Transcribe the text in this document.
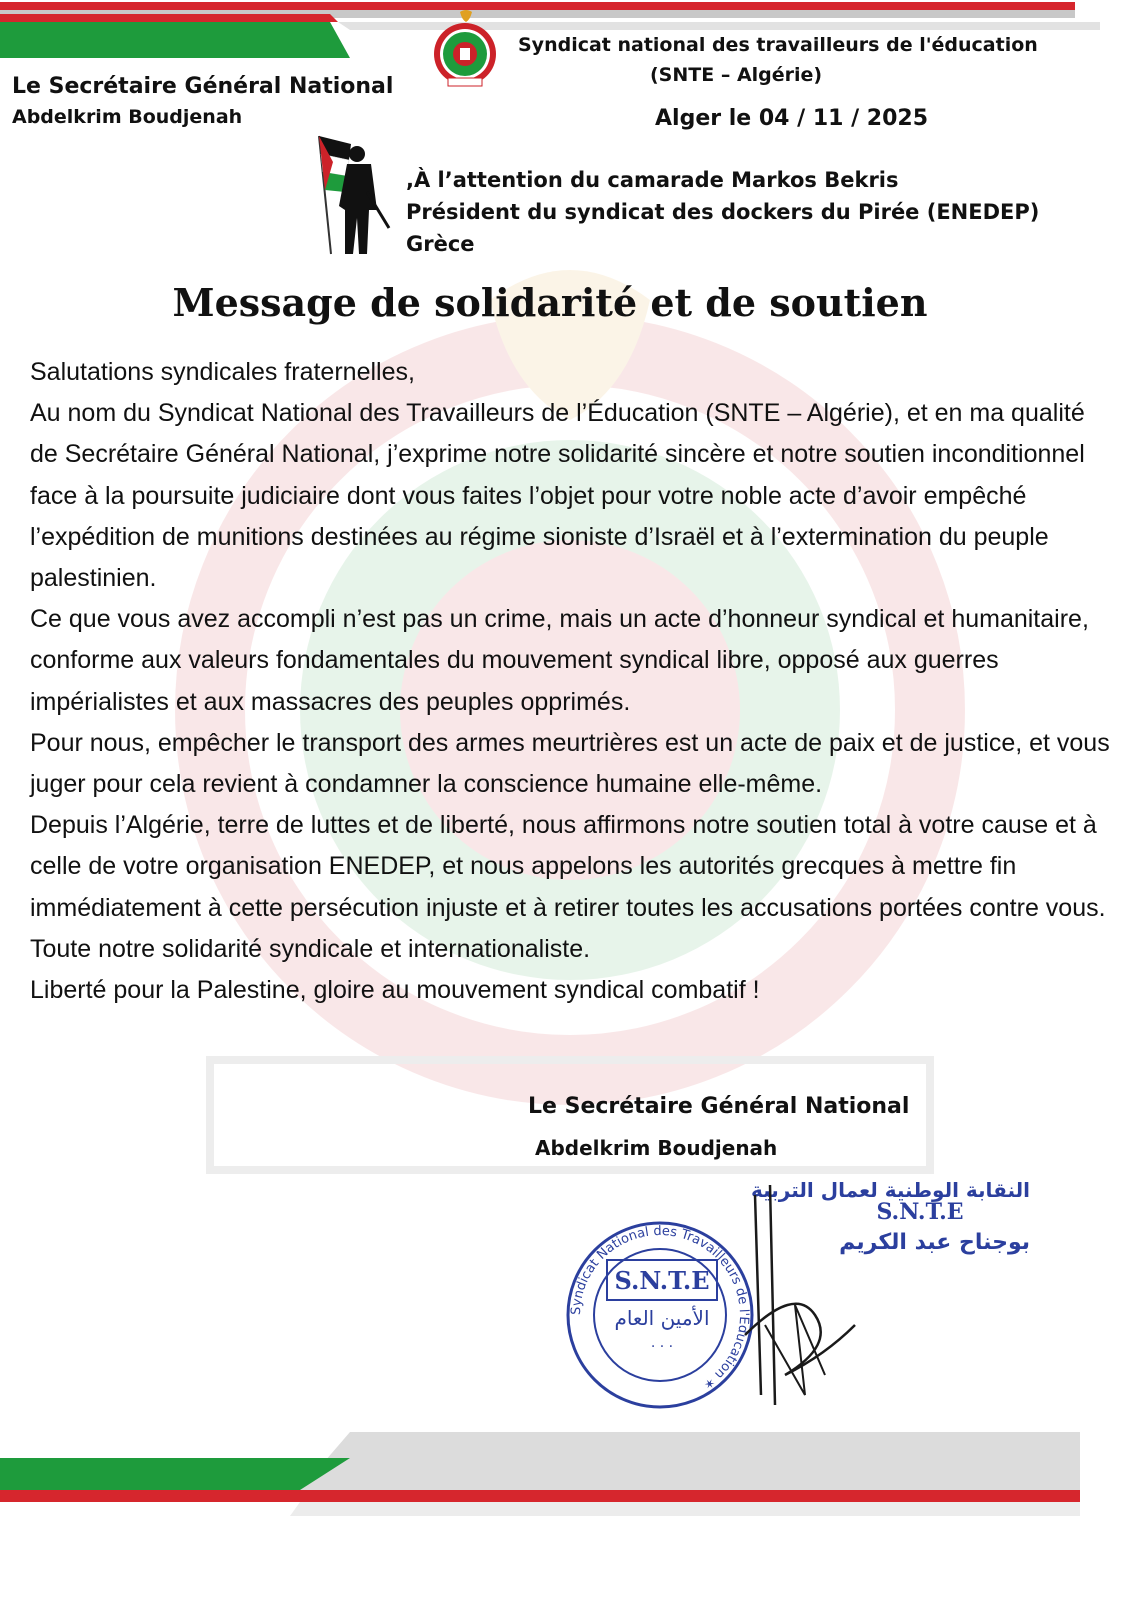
Le Secrétaire Général National
Abdelkrim Boudjenah
Syndicat national des travailleurs de l'éducation
(SNTE – Algérie)
Alger le 04 / 11 / 2025
,À l’attention du camarade Markos Bekris
Président du syndicat des dockers du Pirée (ENEDEP)
Grèce
Message de solidarité et de soutien

Salutations syndicales fraternelles,

Au nom du Syndicat National des Travailleurs de l’Éducation (SNTE – Algérie), et en ma qualité de Secrétaire Général National, j’exprime notre solidarité sincère et notre soutien inconditionnel face à la poursuite judiciaire dont vous faites l’objet pour votre noble acte d’avoir empêché l’expédition de munitions destinées au régime sioniste d’Israël et à l’extermination du peuple palestinien.

Ce que vous avez accompli n’est pas un crime, mais un acte d’honneur syndical et humanitaire, conforme aux valeurs fondamentales du mouvement syndical libre, opposé aux guerres impérialistes et aux massacres des peuples opprimés.

Pour nous, empêcher le transport des armes meurtrières est un acte de paix et de justice, et vous juger pour cela revient à condamner la conscience humaine elle-même.

Depuis l’Algérie, terre de luttes et de liberté, nous affirmons notre soutien total à votre cause et à celle de votre organisation ENEDEP, et nous appelons les autorités grecques à mettre fin immédiatement à cette persécution injuste et à retirer toutes les accusations portées contre vous.

Toute notre solidarité syndicale et internationaliste.

Liberté pour la Palestine, gloire au mouvement syndical combatif !

Le Secrétaire Général National
Abdelkrim Boudjenah
Syndicat National des Travailleurs de l'Éducation ✶
S.N.T.E
الأمين العام
· · ·
النقابة الوطنية لعمال التربية
S.N.T.E
بوجناح عبد الكريم
